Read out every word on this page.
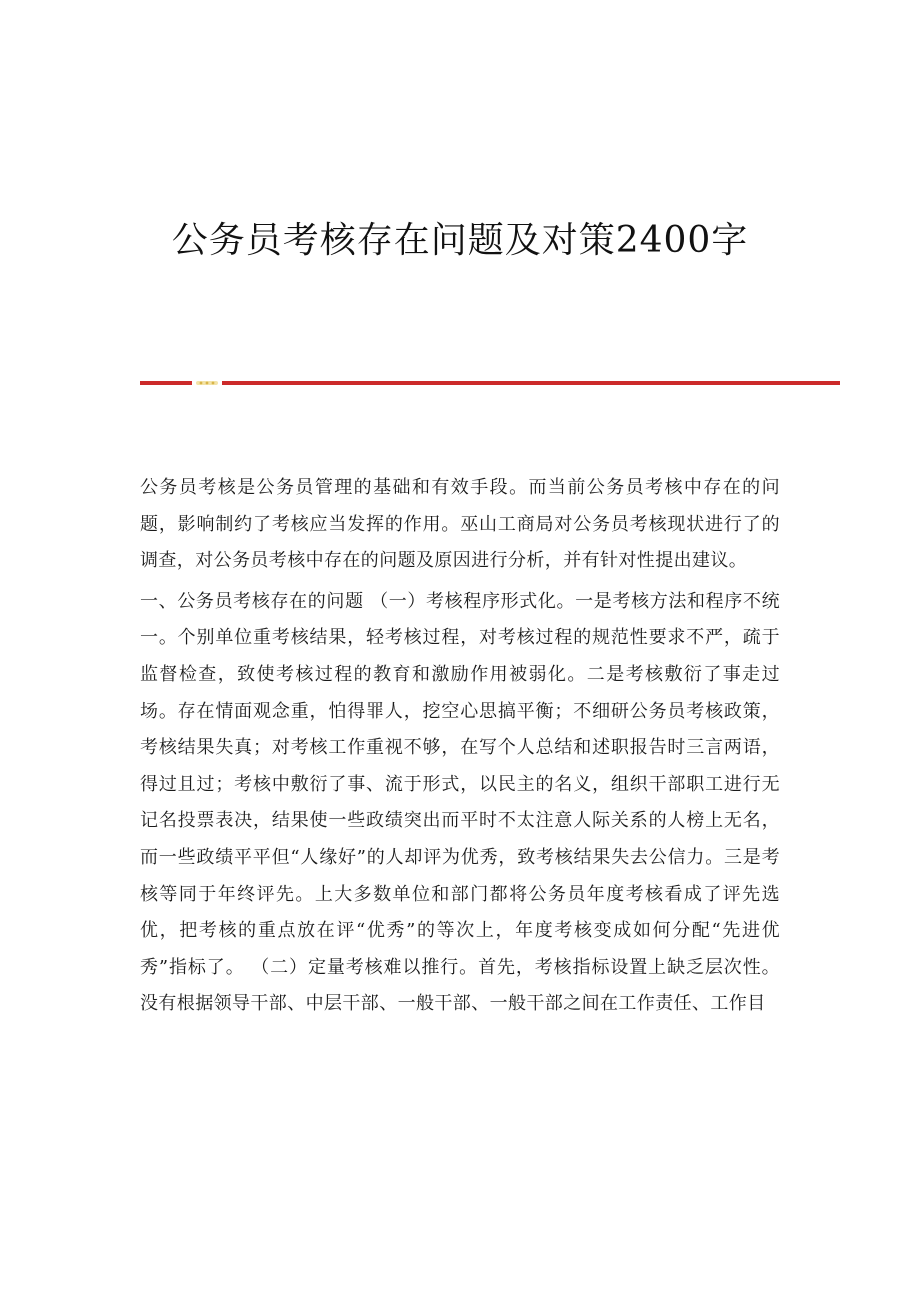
公务员考核存在问题及对策2400字

公务员考核是公务员管理的基础和有效手段。而当前公务员考核中存在的问题，影响制约了考核应当发挥的作用。巫山工商局对公务员考核现状进行了的调查，对公务员考核中存在的问题及原因进行分析，并有针对性提出建议。

一、公务员考核存在的问题 （一）考核程序形式化。一是考核方法和程序不统一。个别单位重考核结果，轻考核过程，对考核过程的规范性要求不严，疏于监督检查，致使考核过程的教育和激励作用被弱化。二是考核敷衍了事走过场。存在情面观念重，怕得罪人，挖空心思搞平衡；不细研公务员考核政策，考核结果失真；对考核工作重视不够，在写个人总结和述职报告时三言两语，得过且过；考核中敷衍了事、流于形式，以民主的名义，组织干部职工进行无记名投票表决，结果使一些政绩突出而平时不太注意人际关系的人榜上无名，而一些政绩平平但“人缘好”的人却评为优秀，致考核结果失去公信力。三是考核等同于年终评先。上大多数单位和部门都将公务员年度考核看成了评先选优，把考核的重点放在评“优秀”的等次上，年度考核变成如何分配“先进优秀”指标了。 （二）定量考核难以推行。首先，考核指标设置上缺乏层次性。没有根据领导干部、中层干部、一般干部、一般干部之间在工作责任、工作目
